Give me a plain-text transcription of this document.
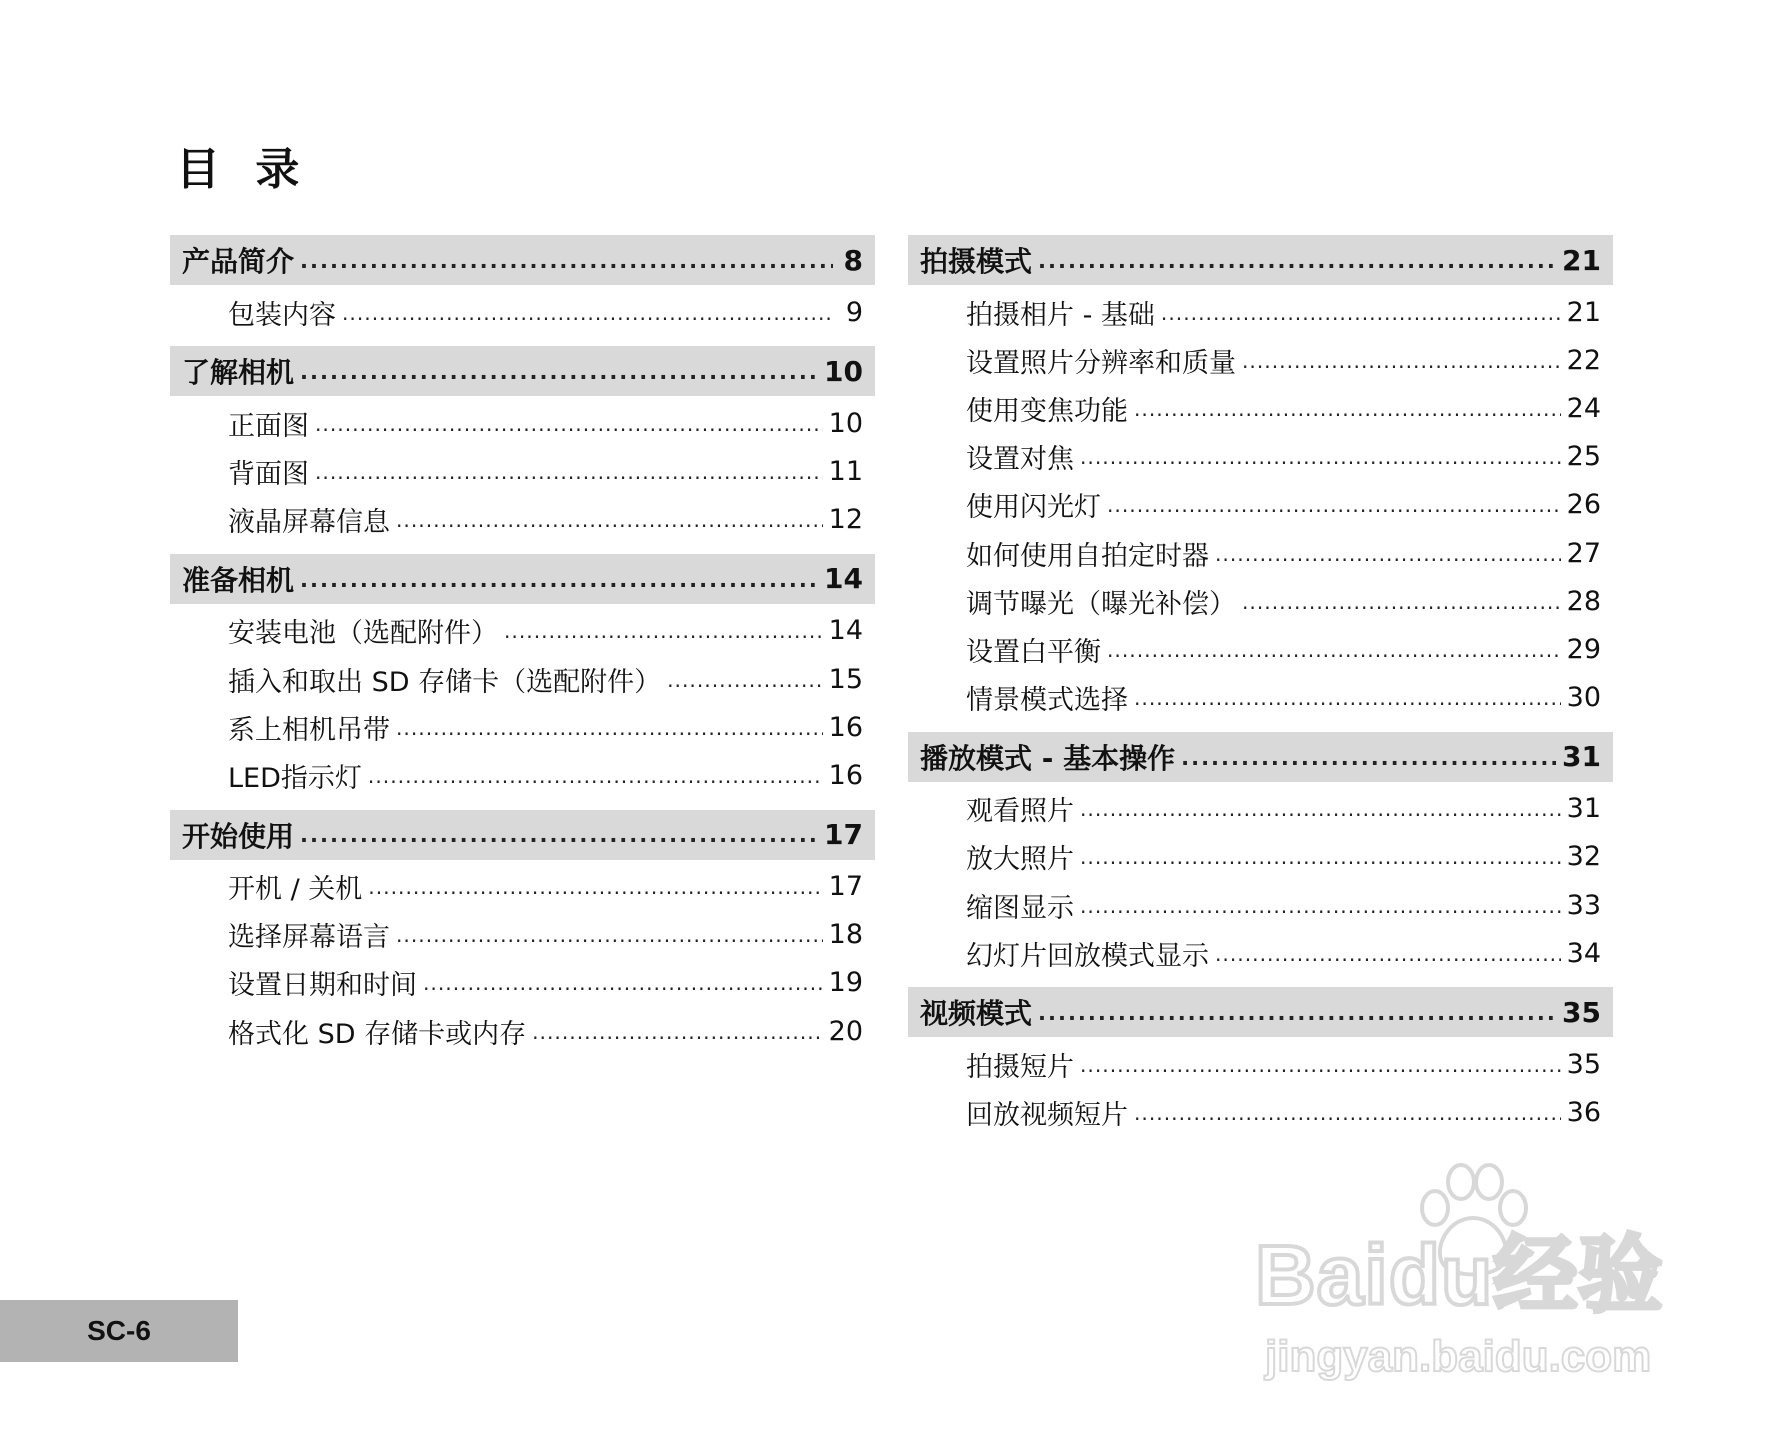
目 录
产品简介 .....	8
包装内容 .....	9
了解相机 .....	10
正面图 .....	10
背面图 .....	11
液晶屏幕信息 .....	12
准备相机 .....	14
安装电池（选配附件） .....	14
插入和取出 SD 存储卡（选配附件） .....	15
系上相机吊带 .....	16
LED指示灯 .....	16
开始使用 .....	17
开机 / 关机 .....	17
选择屏幕语言 .....	18
设置日期和时间 .....	19
格式化 SD 存储卡或内存 .....	20
拍摄模式 .....	21
拍摄相片 - 基础 .....	21
设置照片分辨率和质量 .....	22
使用变焦功能 .....	24
设置对焦 .....	25
使用闪光灯 .....	26
如何使用自拍定时器 .....	27
调节曝光（曝光补偿） .....	28
设置白平衡 .....	29
情景模式选择 .....	30
播放模式 - 基本操作 .....	31
观看照片 .....	31
放大照片 .....	32
缩图显示 .....	33
幻灯片回放模式显示 .....	34
视频模式 .....	35
拍摄短片 .....	35
回放视频短片 .....	36
SC-6
Baidu经验
jingyan.baidu.com
